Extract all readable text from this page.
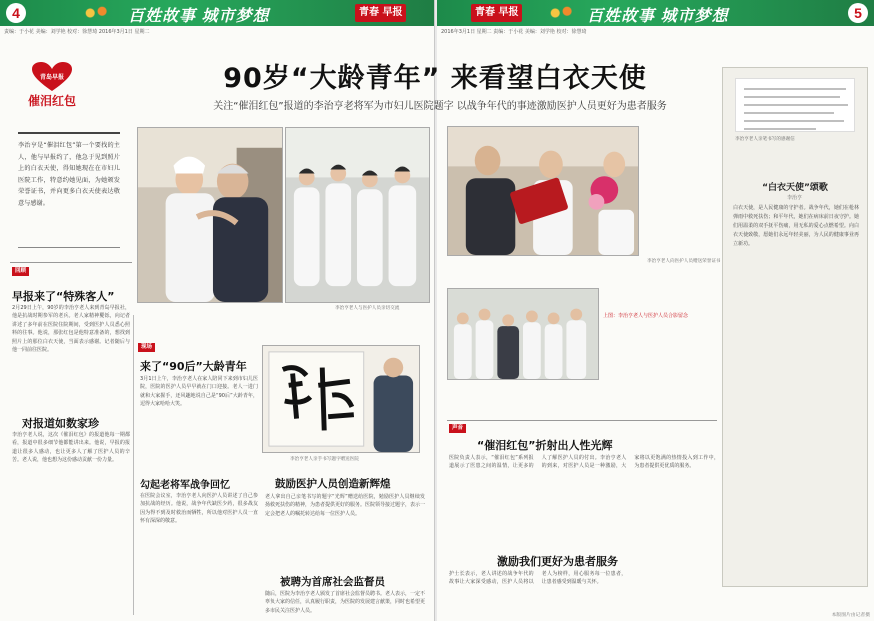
4	百姓故事 城市梦想	青春 早报
责编：于小花 美编：刘学艳 校对：徐慧琦 2016年3月1日 星期二
青岛早报
催泪红包

李治亨是“催泪红包”第一个要找的主人，他与早报约了，他急于见到照片上的白衣天使，得知她现在在市妇儿医院工作，特意约她见面，为她颁发荣誉证书，并向更多白衣天使表达敬意与感谢。

李治亨老人与医护人员亲切交流
回顾
早报来了“特殊客人”
2月29日上午，90岁的李治亨老人来到青岛早报社，他是抗战时期参军的老兵。老人家精神矍铄，向记者讲述了多年前在医院住院期间，受到医护人员悉心照料的往事。他说，那张红包是他特意准备的，想找到照片上的那位白衣天使，当面表示感谢。记者随后与他一同前往医院。
对报道如数家珍
李治亨老人说，这次《催泪红包》的报道他每一期都看，报道中很多细节他都能讲出来。他说，早报的报道让很多人感动，也让更多人了解了医护人员的辛苦。老人说，他也想为这份感动贡献一份力量。
现场
来了“90后”大龄青年
3月1日上午，李治亨老人在家人陪同下来到市妇儿医院，医院的医护人员早早就在门口迎接。老人一进门就和大家握手，还风趣地说自己是“90后”大龄青年，逗得大家哈哈大笑。
勾起老将军战争回忆
在医院会议室，李治亨老人向医护人员讲述了自己参加抗战的经历。他说，战争年代缺医少药，很多战友因为得不到及时救治而牺牲，所以他对医护人员一直怀有深深的敬意。
李治亨老人亲手书写题字赠送医院
鼓励医护人员创造新辉煌
老人拿出自己亲笔书写的题字“光辉”赠送给医院，勉励医护人员继续发扬救死扶伤的精神，为患者提供更好的服务。医院领导接过题字，表示一定会把老人的嘱托转达给每一位医护人员。
被聘为首席社会监督员
随后，医院为李治亨老人颁发了首席社会监督员聘书。老人表示，一定不辜负大家的信任，认真履行职责，为医院的发展建言献策，同时也希望更多市民关注医护人员。
青春 早报	百姓故事 城市梦想	5
2016年3月1日 星期二 责编：于小花 美编：刘学艳 校对：徐慧琦
上图：李治亨老人与医护人员合影留念
李治亨老人向医护人员赠送荣誉证书
声音
“催泪红包”折射出人性光辉
医院负责人表示，“催泪红包”系列报道展示了医患之间的温情，让更多的人了解医护人员的付出。李治亨老人的到来，对医护人员是一种激励，大家将以更饱满的热情投入到工作中，为患者提供更优质的服务。
激励我们更好为患者服务
护士长表示，老人讲述的战争年代的故事让大家深受感动，医护人员将以老人为榜样，用心服务每一位患者，让患者感受到温暖与关怀。
李治亨老人亲笔书写的感谢信
“白衣天使”颂歌
李治亨
白衣天使，是人民健康的守护者。战争年代，她们在枪林弹雨中救死扶伤；和平年代，她们在病床前日夜守护。她们用温柔的双手抚平伤痛，用无私的爱心点燃希望。向白衣天使致敬，愿她们永远年轻美丽，为人民的健康事业再立新功。
本版图片由记者摄
90岁“大龄青年” 来看望白衣天使
关注“催泪红包”报道的李治亨老将军为市妇儿医院题字 以战争年代的事迹激励医护人员更好为患者服务
